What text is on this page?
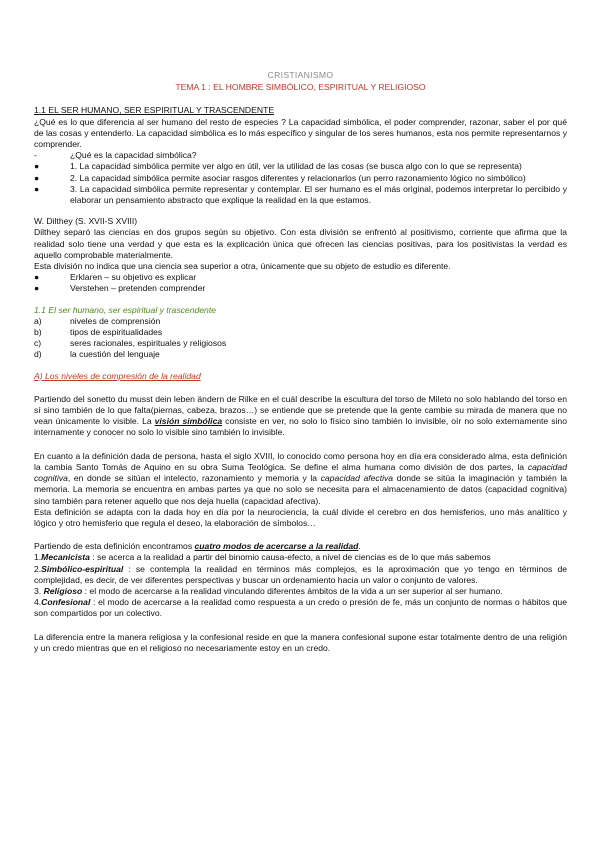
CRISTIANISMO
TEMA 1 : EL HOMBRE SIMBÓLICO, ESPIRITUAL Y RELIGIOSO
1.1 EL SER HUMANO, SER ESPIRITUAL Y TRASCENDENTE
¿Qué es lo que diferencia al ser humano del resto de especies ? La capacidad simbólica, el poder comprender, razonar, saber el por qué de las cosas y entenderlo. La capacidad simbólica es lo más específico y singular de los seres humanos, esta nos permite representarnos y comprender.
-	¿Qué es la capacidad simbólica?
●	1. La capacidad simbólica permite ver algo en útil, ver la utilidad de las cosas (se busca algo con lo que se representa)
●	2. La capacidad simbólica permite asociar rasgos diferentes y relacionarlos (un perro razonamiento lógico no simbólico)
●	3. La capacidad simbólica permite representar y contemplar. El ser humano es el más original, podemos interpretar lo percibido y elaborar un pensamiento abstracto que explique la realidad en la que estamos.
W. Dilthey (S. XVII-S XVIII)
Dilthey separó las ciencias en dos grupos según su objetivo. Con esta división se enfrentó al positivismo, corriente que afirma que la realidad solo tiene una verdad y que esta es la explicación única que ofrecen las ciencias positivas, para los positivistas la verdad es aquello comprobable materialmente.
Esta división no indica que una ciencia sea superior a otra, únicamente que su objeto de estudio es diferente.
●	Erklaren – su objetivo es explicar
●	Verstehen – pretenden comprender
1.1 El ser humano, ser espiritual y trascendente
a)	niveles de comprensión
b)	tipos de espiritualidades
c)	seres racionales, espirituales y religiosos
d)	la cuestión del lenguaje
A) Los niveles de compresión de la realidad
Partiendo del sonetto du musst dein leben ändern de Rilke en el cuál describe la escultura del torso de Mileto no solo hablando del torso en sí sino también de lo que falta(piernas, cabeza, brazos…) se entiende que se pretende que la gente cambie su mirada de manera que no vean únicamente lo visible. La visión simbólica consiste en ver, no solo lo físico sino también lo invisible, oír no solo externamente sino internamente y conocer no solo lo visible sino también lo invisible.
En cuanto a la definición dada de persona, hasta el siglo XVIII, lo conocido como persona hoy en día era considerado alma, esta definición la cambia Santo Tomás de Aquino en su obra Suma Teológica. Se define el alma humana como división de dos partes, la capacidad cognitiva, en donde se sitúan el intelecto, razonamiento y memoria y la capacidad afectiva donde se sitúa la imaginación y también la memoria. La memoria se encuentra en ambas partes ya que no solo se necesita para el almacenamiento de datos (capacidad cognitiva) sino también para retener aquello que nos deja huella (capacidad afectiva).
Esta definición se adapta con la dada hoy en día por la neurociencia, la cuál divide el cerebro en dos hemisferios, uno más analítico y lógico y otro hemisferio que regula el deseo, la elaboración de símbolos…
Partiendo de esta definición encontramos cuatro modos de acercarse a la realidad.
1.Mecanicista : se acerca a la realidad a partir del binomio causa-efecto, a nivel de ciencias es de lo que más sabemos
2.Simbólico-espiritual : se contempla la realidad en términos más complejos, es la aproximación que yo tengo en términos de complejidad, es decir, de ver diferentes perspectivas y buscar un ordenamiento hacia un valor o conjunto de valores.
3. Religioso : el modo de acercarse a la realidad vinculando diferentes ámbitos de la vida a un ser superior al ser humano.
4.Confesional : el modo de acercarse a la realidad como respuesta a un credo o presión de fe, más un conjunto de normas o hábitos que son compartidos por un colectivo.
La diferencia entre la manera religiosa y la confesional reside en que la manera confesional supone estar totalmente dentro de una religión y un credo mientras que en el religioso no necesariamente estoy en un credo.
